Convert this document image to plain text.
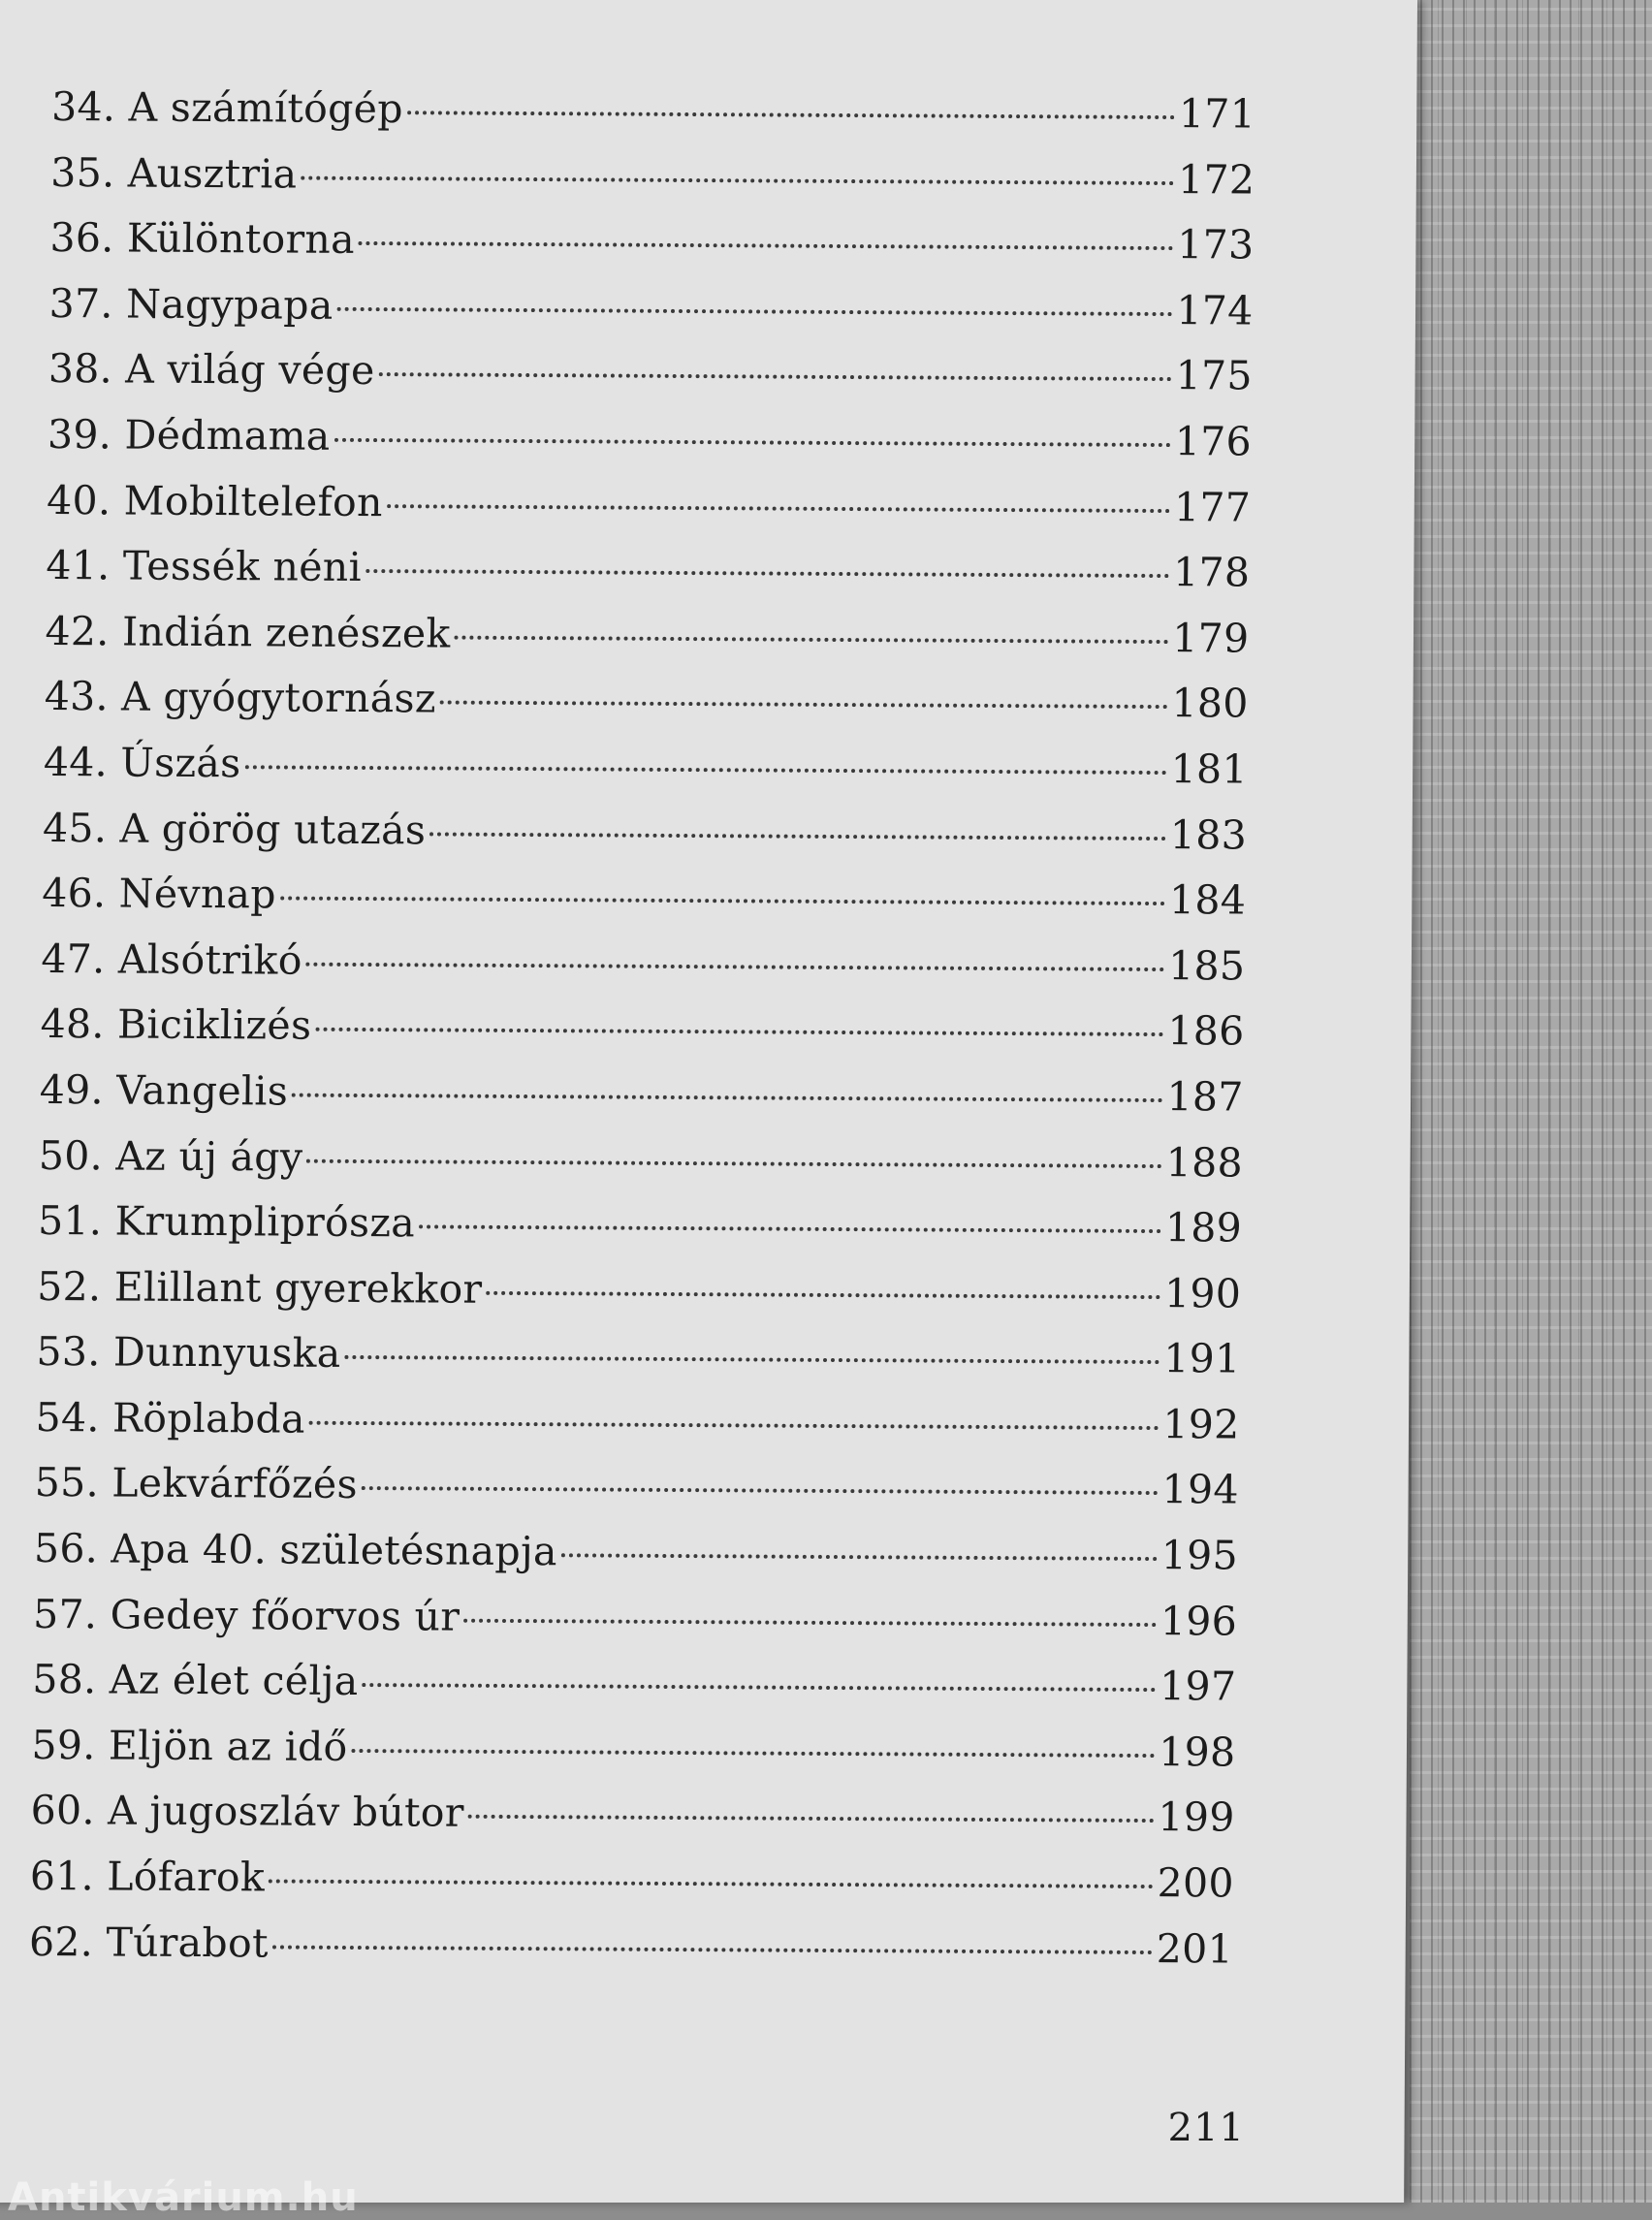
34. A számítógép	171
35. Ausztria	172
36. Különtorna	173
37. Nagypapa	174
38. A világ vége	175
39. Dédmama	176
40. Mobiltelefon	177
41. Tessék néni	178
42. Indián zenészek	179
43. A gyógytornász	180
44. Úszás	181
45. A görög utazás	183
46. Névnap	184
47. Alsótrikó	185
48. Biciklizés	186
49. Vangelis	187
50. Az új ágy	188
51. Krumpliprósza	189
52. Elillant gyerekkor	190
53. Dunnyuska	191
54. Röplabda	192
55. Lekvárfőzés	194
56. Apa 40. születésnapja	195
57. Gedey főorvos úr	196
58. Az élet célja	197
59. Eljön az idő	198
60. A jugoszláv bútor	199
61. Lófarok	200
62. Túrabot	201
211
Antikvárium.hu
